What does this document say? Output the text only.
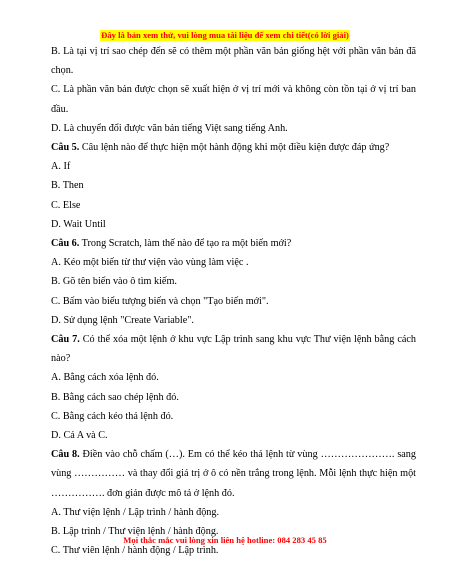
Đây là bản xem thử, vui lòng mua tài liệu để xem chi tiết(có lời giải)

B. Là tại vị trí sao chép đến sẽ có thêm một phần văn bản giống hệt với phần văn bản đã chọn.

C. Là phần văn bản được chọn sẽ xuất hiện ở vị trí mới và không còn tồn tại ở vị trí ban đầu.

D. Là chuyển đổi được văn bản tiếng Việt sang tiếng Anh.

Câu 5. Câu lệnh nào để thực hiện một hành động khi một điều kiện được đáp ứng?

A. If

B. Then

C. Else

D. Wait Until

Câu 6. Trong Scratch, làm thế nào để tạo ra một biến mới?

A. Kéo một biến từ thư viện vào vùng làm việc .

B. Gõ tên biến vào ô tìm kiếm.

C. Bấm vào biểu tượng biến và chọn "Tạo biến mới".

D. Sử dụng lệnh "Create Variable".

Câu 7. Có thể xóa một lệnh ở khu vực Lập trình sang khu vực Thư viện lệnh bằng cách nào?

A. Bằng cách xóa lệnh đó.

B. Bằng cách sao chép lệnh đó.

C. Bằng cách kéo thả lệnh đó.

D. Cả A và C.

Câu 8. Điền vào chỗ chấm (…). Em có thể kéo thả lệnh từ vùng …………………. sang vùng …………… và thay đổi giá trị ở ô có nền trắng trong lệnh. Mỗi lệnh thực hiện một ……………. đơn giản được mô tả ở lệnh đó.

A. Thư viện lệnh / Lập trình / hành động.

B. Lập trình / Thư viện lệnh / hành động.

C. Thư viên lệnh / hành động / Lập trình.

Mọi thắc mắc vui lòng xin liên hệ hotline: 084 283 45 85
